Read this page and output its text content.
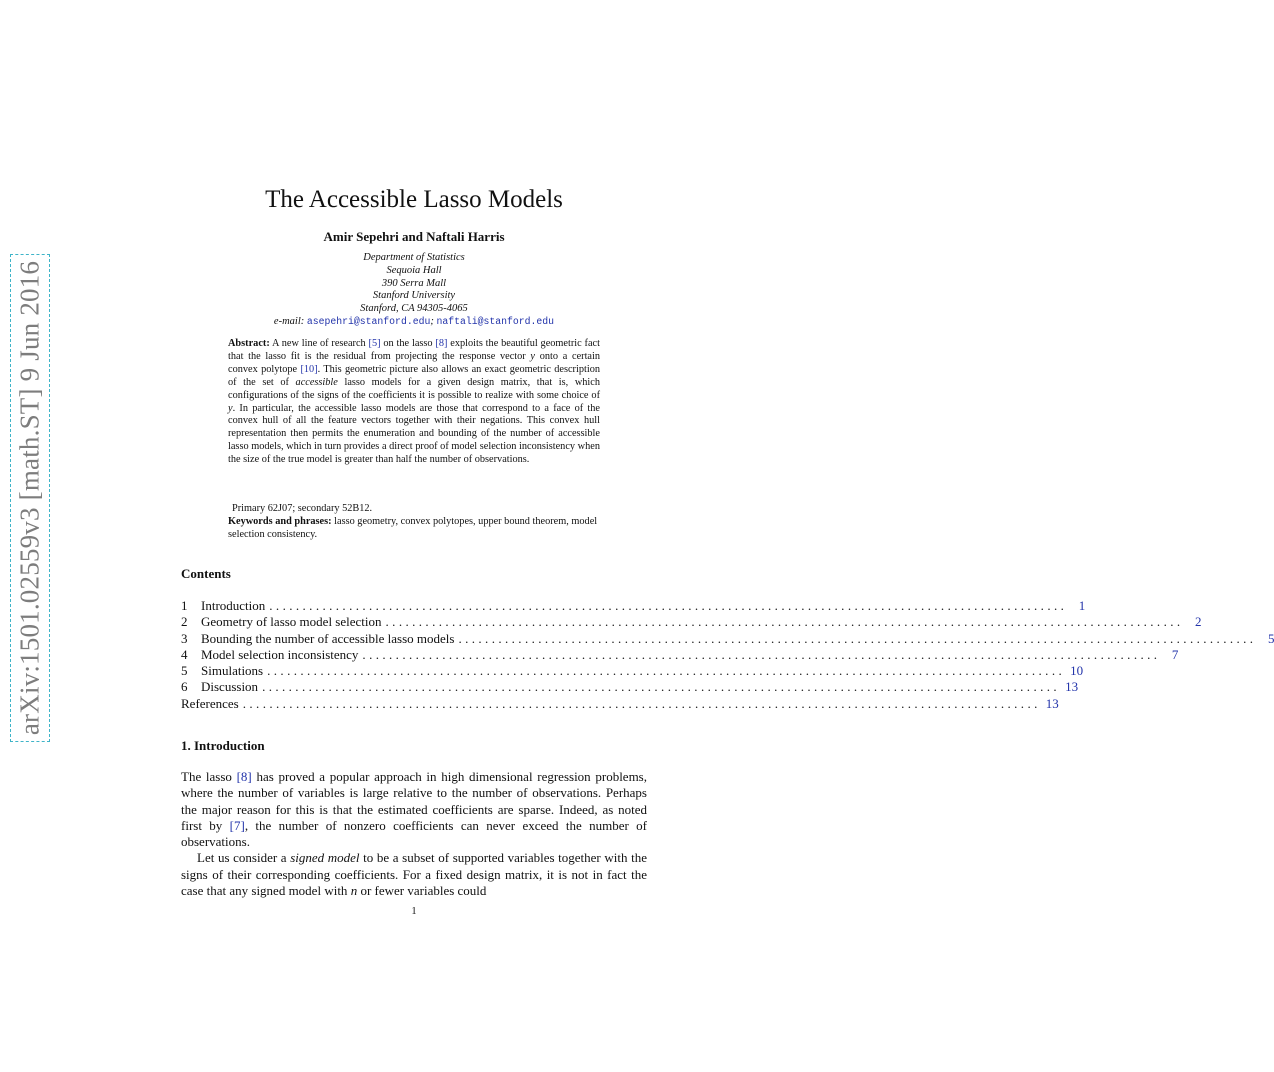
arXiv:1501.02559v3 [math.ST] 9 Jun 2016
The Accessible Lasso Models
Amir Sepehri and Naftali Harris
Department of Statistics
Sequoia Hall
390 Serra Mall
Stanford University
Stanford, CA 94305-4065
e-mail: asepehri@stanford.edu; naftali@stanford.edu
Abstract: A new line of research [5] on the lasso [8] exploits the beautiful geometric fact that the lasso fit is the residual from projecting the response vector y onto a certain convex polytope [10]. This geometric picture also allows an exact geometric description of the set of accessible lasso models for a given design matrix, that is, which configurations of the signs of the coefficients it is possible to realize with some choice of y. In particular, the accessible lasso models are those that correspond to a face of the convex hull of all the feature vectors together with their negations. This convex hull representation then permits the enumeration and bounding of the number of accessible lasso models, which in turn provides a direct proof of model selection inconsistency when the size of the true model is greater than half the number of observations.
Primary 62J07; secondary 52B12.
Keywords and phrases: lasso geometry, convex polytopes, upper bound theorem, model selection consistency.
Contents
1	Introduction ........................................................................................................................ 1
2	Geometry of lasso model selection ........................................................................................................................ 2
3	Bounding the number of accessible lasso models ........................................................................................................................ 5
4	Model selection inconsistency ........................................................................................................................ 7
5	Simulations ........................................................................................................................ 10
6	Discussion ........................................................................................................................ 13
References ........................................................................................................................ 13
1. Introduction

The lasso [8] has proved a popular approach in high dimensional regression problems, where the number of variables is large relative to the number of observations. Perhaps the major reason for this is that the estimated coefficients are sparse. Indeed, as noted first by [7], the number of nonzero coefficients can never exceed the number of observations.

Let us consider a signed model to be a subset of supported variables together with the signs of their corresponding coefficients. For a fixed design matrix, it is not in fact the case that any signed model with n or fewer variables could

1
